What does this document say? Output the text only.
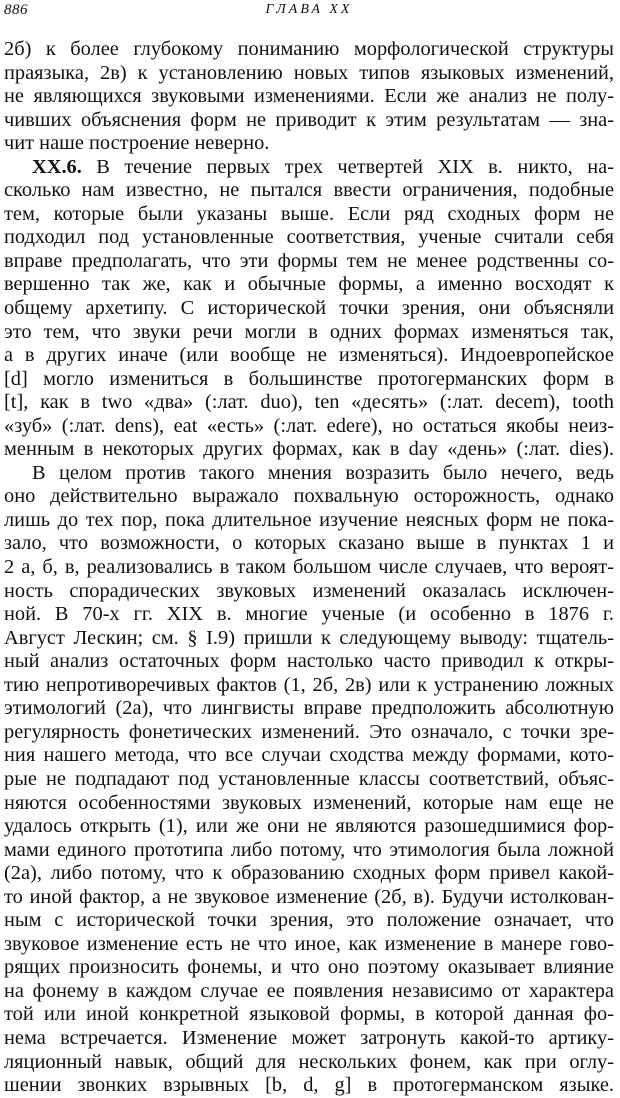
886	ГЛАВА XX
2б) к более глубокому пониманию морфологической структуры
праязыка, 2в) к установлению новых типов языковых изменений,
не являющихся звуковыми изменениями. Если же анализ не полу-
чивших объяснения форм не приводит к этим результатам — зна-
чит наше построение неверно.
XX.6. В течение первых трех четвертей XIX в. никто, на-
сколько нам известно, не пытался ввести ограничения, подобные
тем, которые были указаны выше. Если ряд сходных форм не
подходил под установленные соответствия, ученые считали себя
вправе предполагать, что эти формы тем не менее родственны со-
вершенно так же, как и обычные формы, а именно восходят к
общему архетипу. С исторической точки зрения, они объясняли
это тем, что звуки речи могли в одних формах изменяться так,
а в других иначе (или вообще не изменяться). Индоевропейское
[d] могло измениться в большинстве протогерманских форм в
[t], как в two «два» (:лат. duo), ten «десять» (:лат. decem), tooth
«зуб» (:лат. dens), eat «есть» (:лат. edere), но остаться якобы неиз-
менным в некоторых других формах, как в day «день» (:лат. dies).
В целом против такого мнения возразить было нечего, ведь
оно действительно выражало похвальную осторожность, однако
лишь до тех пор, пока длительное изучение неясных форм не пока-
зало, что возможности, о которых сказано выше в пунктах 1 и
2 а, б, в, реализовались в таком большом числе случаев, что вероят-
ность спорадических звуковых изменений оказалась исключен-
ной. В 70-х гг. XIX в. многие ученые (и особенно в 1876 г.
Август Лескин; см. § I.9) пришли к следующему выводу: тщатель-
ный анализ остаточных форм настолько часто приводил к откры-
тию непротиворечивых фактов (1, 2б, 2в) или к устранению ложных
этимологий (2а), что лингвисты вправе предположить абсолютную
регулярность фонетических изменений. Это означало, с точки зре-
ния нашего метода, что все случаи сходства между формами, кото-
рые не подпадают под установленные классы соответствий, объяс-
няются особенностями звуковых изменений, которые нам еще не
удалось открыть (1), или же они не являются разошедшимися фор-
мами единого прототипа либо потому, что этимология была ложной
(2а), либо потому, что к образованию сходных форм привел какой-
то иной фактор, а не звуковое изменение (2б, в). Будучи истолкован-
ным с исторической точки зрения, это положение означает, что
звуковое изменение есть не что иное, как изменение в манере гово-
рящих произносить фонемы, и что оно поэтому оказывает влияние
на фонему в каждом случае ее появления независимо от характера
той или иной конкретной языковой формы, в которой данная фо-
нема встречается. Изменение может затронуть какой-то артику-
ляционный навык, общий для нескольких фонем, как при оглу-
шении звонких взрывных [b, d, g] в протогерманском языке.
